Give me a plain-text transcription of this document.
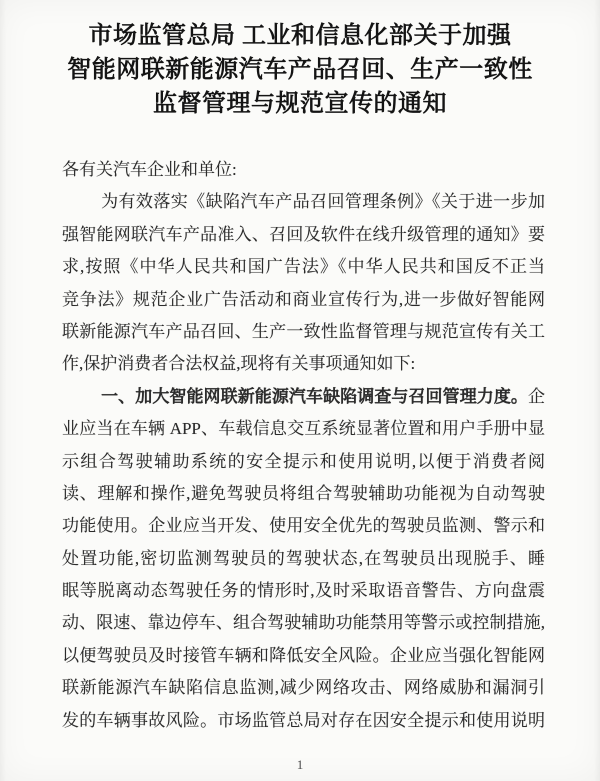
市场监管总局 工业和信息化部关于加强
智能网联新能源汽车产品召回、生产一致性
监督管理与规范宣传的通知
各有关汽车企业和单位:
为有效落实《缺陷汽车产品召回管理条例》《关于进一步加
强智能网联汽车产品准入、召回及软件在线升级管理的通知》要
求,按照《中华人民共和国广告法》《中华人民共和国反不正当
竞争法》规范企业广告活动和商业宣传行为,进一步做好智能网
联新能源汽车产品召回、生产一致性监督管理与规范宣传有关工
作,保护消费者合法权益,现将有关事项通知如下:
一、加大智能网联新能源汽车缺陷调查与召回管理力度。企
业应当在车辆 APP、车载信息交互系统显著位置和用户手册中显
示组合驾驶辅助系统的安全提示和使用说明,以便于消费者阅
读、理解和操作,避免驾驶员将组合驾驶辅助功能视为自动驾驶
功能使用。企业应当开发、使用安全优先的驾驶员监测、警示和
处置功能,密切监测驾驶员的驾驶状态,在驾驶员出现脱手、睡
眠等脱离动态驾驶任务的情形时,及时采取语音警告、方向盘震
动、限速、靠边停车、组合驾驶辅助功能禁用等警示或控制措施,
以便驾驶员及时接管车辆和降低安全风险。企业应当强化智能网
联新能源汽车缺陷信息监测,减少网络攻击、网络威胁和漏洞引
发的车辆事故风险。市场监管总局对存在因安全提示和使用说明
1
